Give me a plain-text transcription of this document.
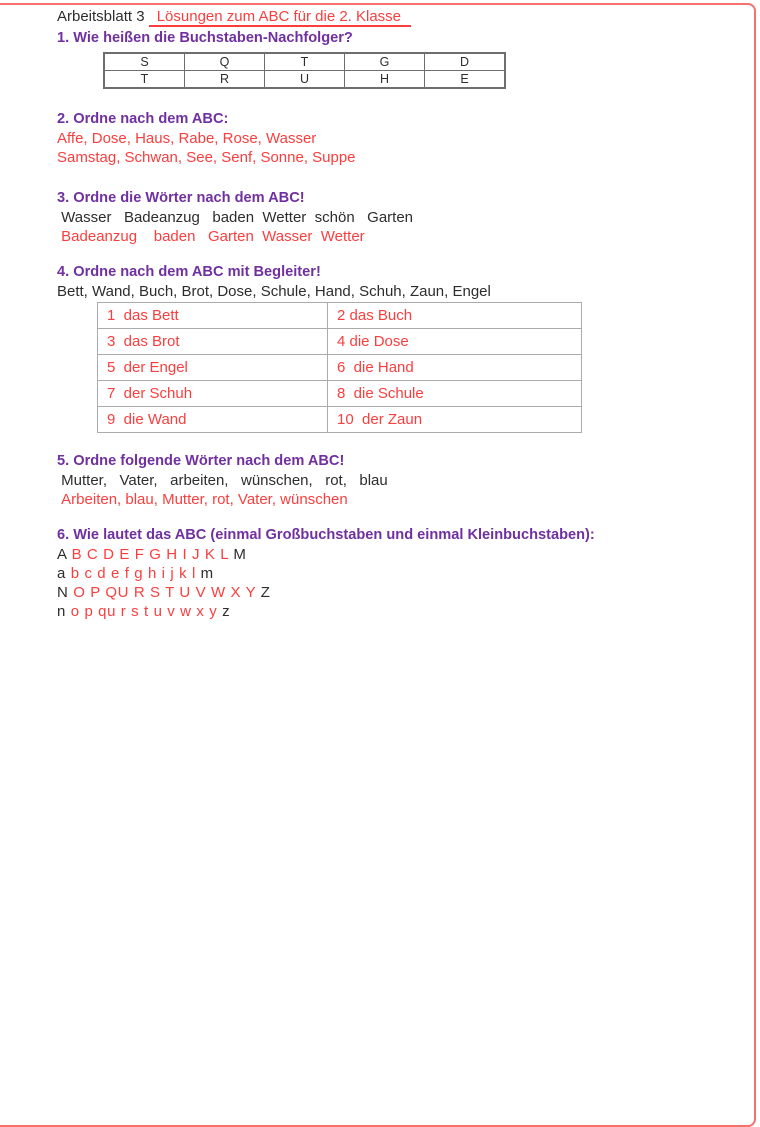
Arbeitsblatt 3 Lösungen zum ABC für die 2. Klasse

1. Wie heißen die Buchstaben-Nachfolger?

S	Q	T	G	D
T	R	U	H	E

2. Ordne nach dem ABC:

Affe, Dose, Haus, Rabe, Rose, Wasser

Samstag, Schwan, See, Senf, Sonne, Suppe

3. Ordne die Wörter nach dem ABC!

Wasser   Badeanzug   baden  Wetter  schön   Garten

Badeanzug    baden   Garten  Wasser  Wetter

4. Ordne nach dem ABC mit Begleiter!

Bett, Wand, Buch, Brot, Dose, Schule, Hand, Schuh, Zaun, Engel

1  das Bett	2 das Buch
3  das Brot	4 die Dose
5  der Engel	6  die Hand
7  der Schuh	8  die Schule
9  die Wand	10  der Zaun

5. Ordne folgende Wörter nach dem ABC!

Mutter,   Vater,   arbeiten,   wünschen,   rot,   blau

Arbeiten, blau, Mutter, rot, Vater, wünschen

6. Wie lautet das ABC (einmal Großbuchstaben und einmal Kleinbuchstaben):

A B C D E F G H I J K L M

a b c d e f g h i j k l m

N O P QU R S T U V W X Y Z

n o p qu r s t u v w x y z
